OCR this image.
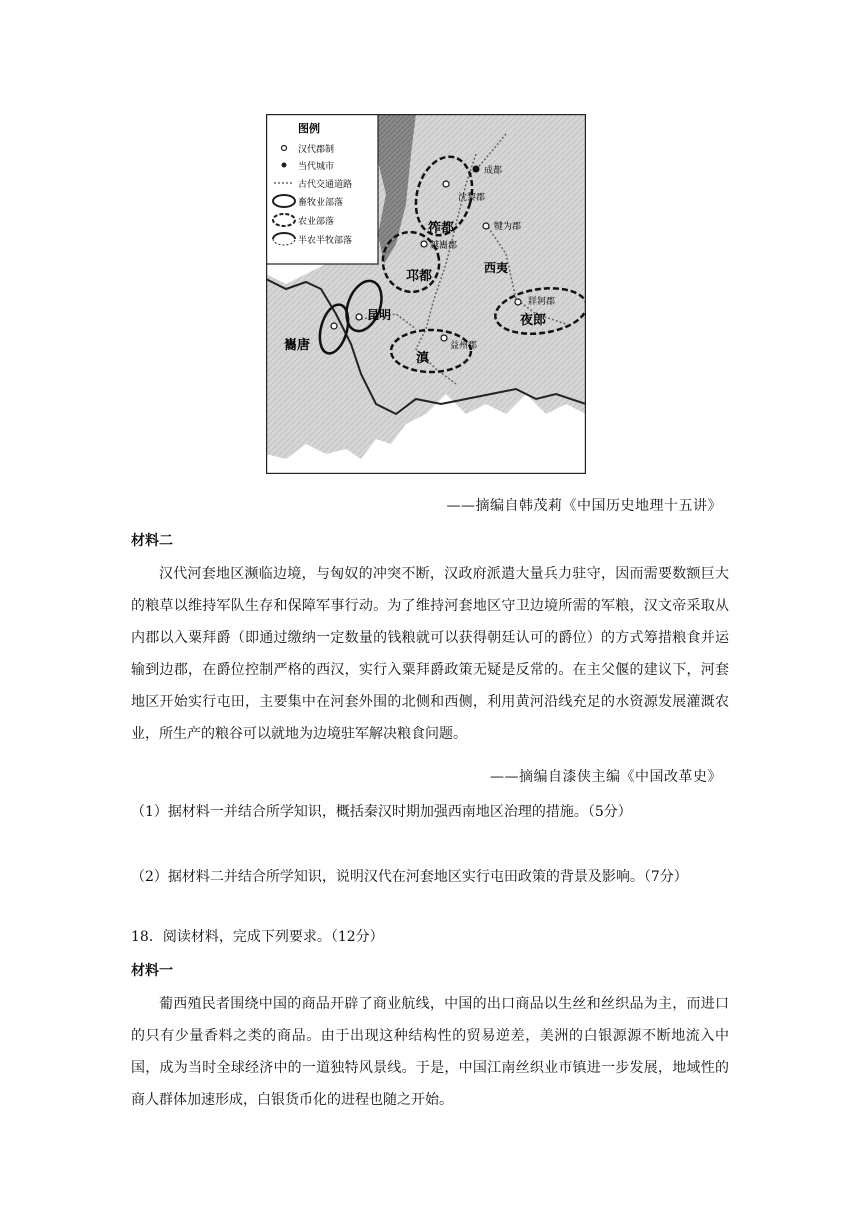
图例
汉代郡制
当代城市
古代交通道路
畜牧业部落
农业部落
半农半牧部落
成都
沈黎郡
筰都	犍为郡
越巂郡
邛都
西夷
牂牁郡
夜郎
昆明
巂唐	益州郡
滇
——摘编自韩茂莉《中国历史地理十五讲》
材料二

汉代河套地区濒临边境，与匈奴的冲突不断，汉政府派遣大量兵力驻守，因而需要数额巨大的粮草以维持军队生存和保障军事行动。为了维持河套地区守卫边境所需的军粮，汉文帝采取从内郡以入粟拜爵（即通过缴纳一定数量的钱粮就可以获得朝廷认可的爵位）的方式筹措粮食并运输到边郡，在爵位控制严格的西汉，实行入粟拜爵政策无疑是反常的。在主父偃的建议下，河套地区开始实行屯田，主要集中在河套外围的北侧和西侧，利用黄河沿线充足的水资源发展灌溉农业，所生产的粮谷可以就地为边境驻军解决粮食问题。

——摘编自漆侠主编《中国改革史》
（1）据材料一并结合所学知识，概括秦汉时期加强西南地区治理的措施。（5分）
（2）据材料二并结合所学知识，说明汉代在河套地区实行屯田政策的背景及影响。（7分）
18．阅读材料，完成下列要求。（12分）
材料一

葡西殖民者围绕中国的商品开辟了商业航线，中国的出口商品以生丝和丝织品为主，而进口的只有少量香料之类的商品。由于出现这种结构性的贸易逆差，美洲的白银源源不断地流入中国，成为当时全球经济中的一道独特风景线。于是，中国江南丝织业市镇进一步发展，地域性的商人群体加速形成，白银货币化的进程也随之开始。
